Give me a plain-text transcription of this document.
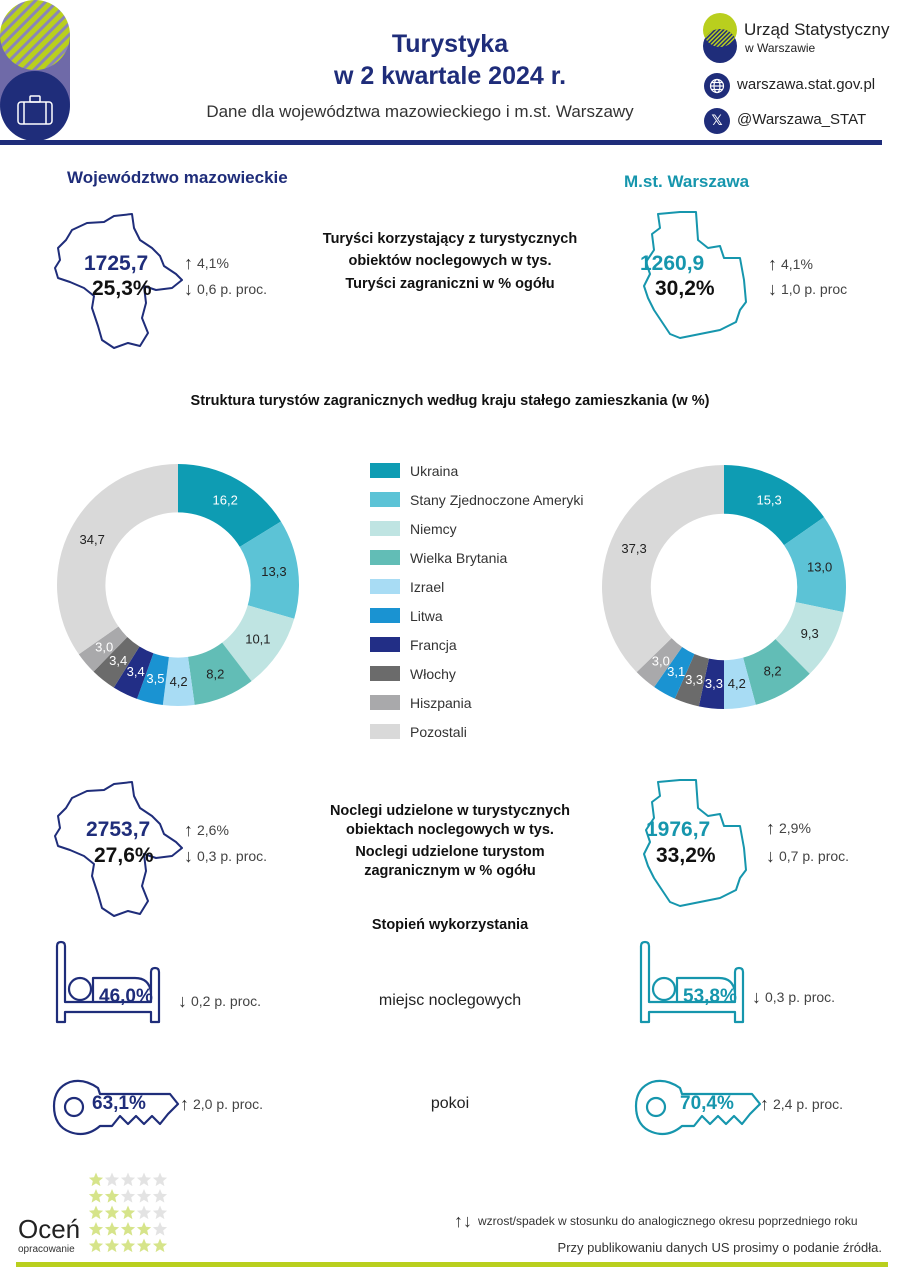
Turystyka
w 2 kwartale 2024 r.
Dane dla województwa mazowieckiego i m.st. Warszawy
Urząd Statystyczny
w Warszawie
warszawa.stat.gov.pl
𝕏 @Warszawa_STAT
Województwo mazowieckie	M.st. Warszawa
1725,7
25,3%
↑ 4,1%
↓ 0,6 p. proc.
Turyści korzystający z turystycznych
obiektów noclegowych w tys.
Turyści zagraniczni w % ogółu
1260,9
30,2%
↑ 4,1%
↓ 1,0 p. proc
Struktura turystów zagranicznych według kraju stałego zamieszkania (w %)
16,2
13,3
10,1
8,2
4,2
3,5
3,4
3,4
3,0
34,7
15,3
13,0
9,3
8,2
4,2
3,3
3,3
3,1
3,0
37,3
Ukraina
Stany Zjednoczone Ameryki
Niemcy
Wielka Brytania
Izrael
Litwa
Francja
Włochy
Hiszpania
Pozostali
2753,7
27,6%
↑ 2,6%
↓ 0,3 p. proc.
Noclegi udzielone w turystycznych
obiektach noclegowych w tys.
Noclegi udzielone turystom
zagranicznym w % ogółu
1976,7
33,2%
↑ 2,9%
↓ 0,7 p. proc.
Stopień wykorzystania
46,0% ↓ 0,2 p. proc.	miejsc noclegowych	53,8% ↓ 0,3 p. proc.
63,1% ↑ 2,0 p. proc.	pokoi	70,4% ↑ 2,4 p. proc.
Oceń
opracowanie
↑↓ wzrost/spadek w stosunku do analogicznego okresu poprzedniego roku
Przy publikowaniu danych US prosimy o podanie źródła.
